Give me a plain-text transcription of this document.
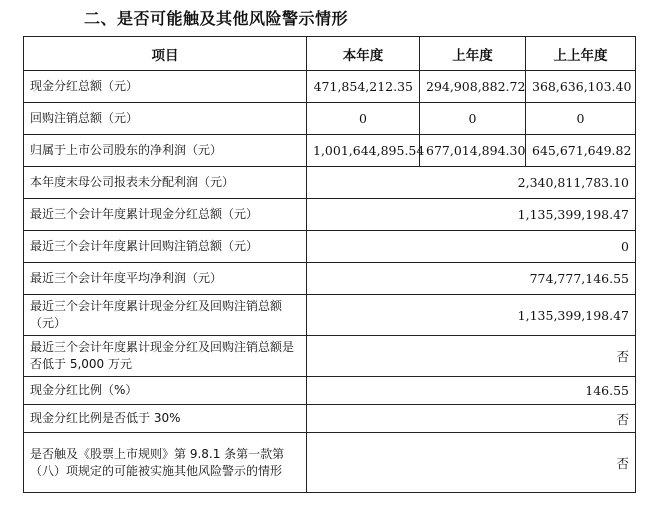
二、是否可能触及其他风险警示情形
项目	本年度	上年度	上上年度
现金分红总额（元）	471,854,212.35	294,908,882.72	368,636,103.40
回购注销总额（元）	0	0	0
归属于上市公司股东的净利润（元）	1,001,644,895.54	677,014,894.30	645,671,649.82
本年度末母公司报表未分配利润（元）	2,340,811,783.10		
最近三个会计年度累计现金分红总额（元）	1,135,399,198.47		
最近三个会计年度累计回购注销总额（元）	0		
最近三个会计年度平均净利润（元）	774,777,146.55		
最近三个会计年度累计现金分红及回购注销总额（元）	1,135,399,198.47		
最近三个会计年度累计现金分红及回购注销总额是否低于 5,000 万元	否		
现金分红比例（%）	146.55		
现金分红比例是否低于 30%	否		
是否触及《股票上市规则》第 9.8.1 条第一款第（八）项规定的可能被实施其他风险警示的情形	否		
